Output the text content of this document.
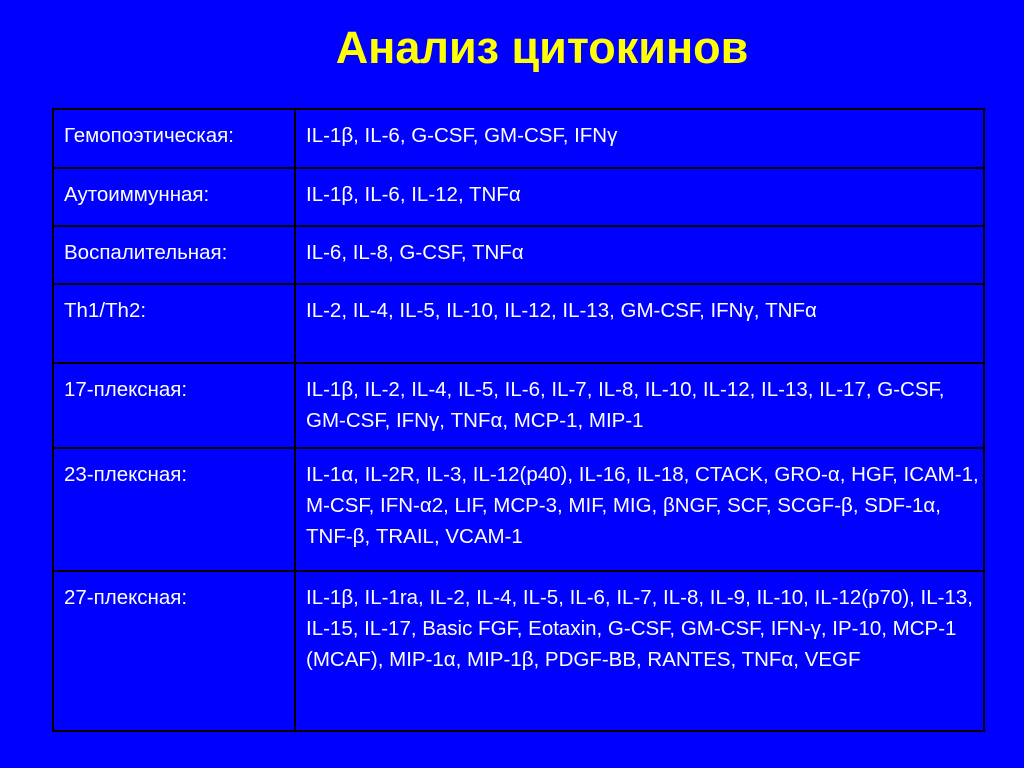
Анализ цитокинов
Гемопоэтическая:	IL-1β, IL-6, G-CSF, GM-CSF, IFNγ
Аутоиммунная:	IL-1β, IL-6, IL-12, TNFα
Воспалительная:	IL-6, IL-8, G-CSF, TNFα
Th1/Th2:	IL-2, IL-4, IL-5, IL-10, IL-12, IL-13, GM-CSF, IFNγ, TNFα
17-плексная:	IL-1β, IL-2, IL-4, IL-5, IL-6, IL-7, IL-8, IL-10, IL-12, IL-13, IL-17, G-CSF, GM-CSF, IFNγ, TNFα, MCP-1, MIP-1
23-плексная:	IL-1α, IL-2R, IL-3, IL-12(p40), IL-16, IL-18, CTACK, GRO-α, HGF, ICAM-1, M-CSF, IFN-α2, LIF, MCP-3, MIF, MIG, βNGF, SCF, SCGF-β, SDF-1α, TNF-β, TRAIL, VCAM-1
27-плексная:	IL-1β, IL-1ra, IL-2, IL-4, IL-5, IL-6, IL-7, IL-8, IL-9, IL-10, IL-12(p70), IL-13, IL-15, IL-17, Basic FGF, Eotaxin, G-CSF, GM-CSF, IFN-γ, IP-10, MCP-1 (MCAF), MIP-1α, MIP-1β, PDGF-BB, RANTES, TNFα, VEGF
